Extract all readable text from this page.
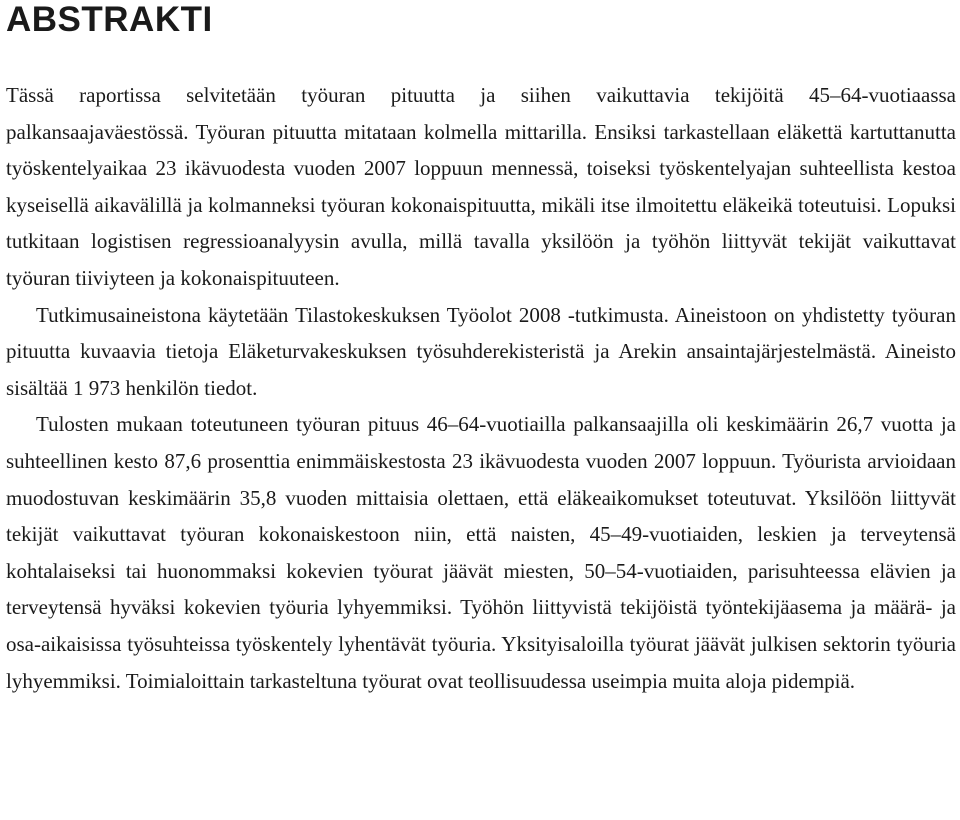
ABSTRAKTI

Tässä raportissa selvitetään työuran pituutta ja siihen vaikuttavia tekijöitä 45–64-vuotiaassa palkansaajaväestössä. Työuran pituutta mitataan kolmella mittarilla. Ensiksi tarkastellaan eläkettä kartuttanutta työskentelyaikaa 23 ikävuodesta vuoden 2007 loppuun mennessä, toiseksi työskentelyajan suhteellista kestoa kyseisellä aikavälillä ja kolmanneksi työuran kokonaispituutta, mikäli itse ilmoitettu eläkeikä toteutuisi. Lopuksi tutkitaan logistisen regressioanalyysin avulla, millä tavalla yksilöön ja työhön liittyvät tekijät vaikuttavat työuran tiiviyteen ja kokonaispituuteen.

Tutkimusaineistona käytetään Tilastokeskuksen Työolot 2008 -tutkimusta. Aineistoon on yhdistetty työuran pituutta kuvaavia tietoja Eläketurvakeskuksen työsuhderekisteristä ja Arekin ansaintajärjestelmästä. Aineisto sisältää 1 973 henkilön tiedot.

Tulosten mukaan toteutuneen työuran pituus 46–64-vuotiailla palkansaajilla oli keskimäärin 26,7 vuotta ja suhteellinen kesto 87,6 prosenttia enimmäiskestosta 23 ikävuodesta vuoden 2007 loppuun. Työurista arvioidaan muodostuvan keskimäärin 35,8 vuoden mittaisia olettaen, että eläkeaikomukset toteutuvat. Yksilöön liittyvät tekijät vaikuttavat työuran kokonaiskestoon niin, että naisten, 45–49-vuotiaiden, leskien ja terveytensä kohtalaiseksi tai huonommaksi kokevien työurat jäävät miesten, 50–54-vuotiaiden, parisuhteessa elävien ja terveytensä hyväksi kokevien työuria lyhyemmiksi. Työhön liittyvistä tekijöistä työntekijäasema ja määrä- ja osa-aikaisissa työsuhteissa työskentely lyhentävät työuria. Yksityisaloilla työurat jäävät julkisen sektorin työuria lyhyemmiksi. Toimialoittain tarkasteltuna työurat ovat teollisuudessa useimpia muita aloja pidempiä.
